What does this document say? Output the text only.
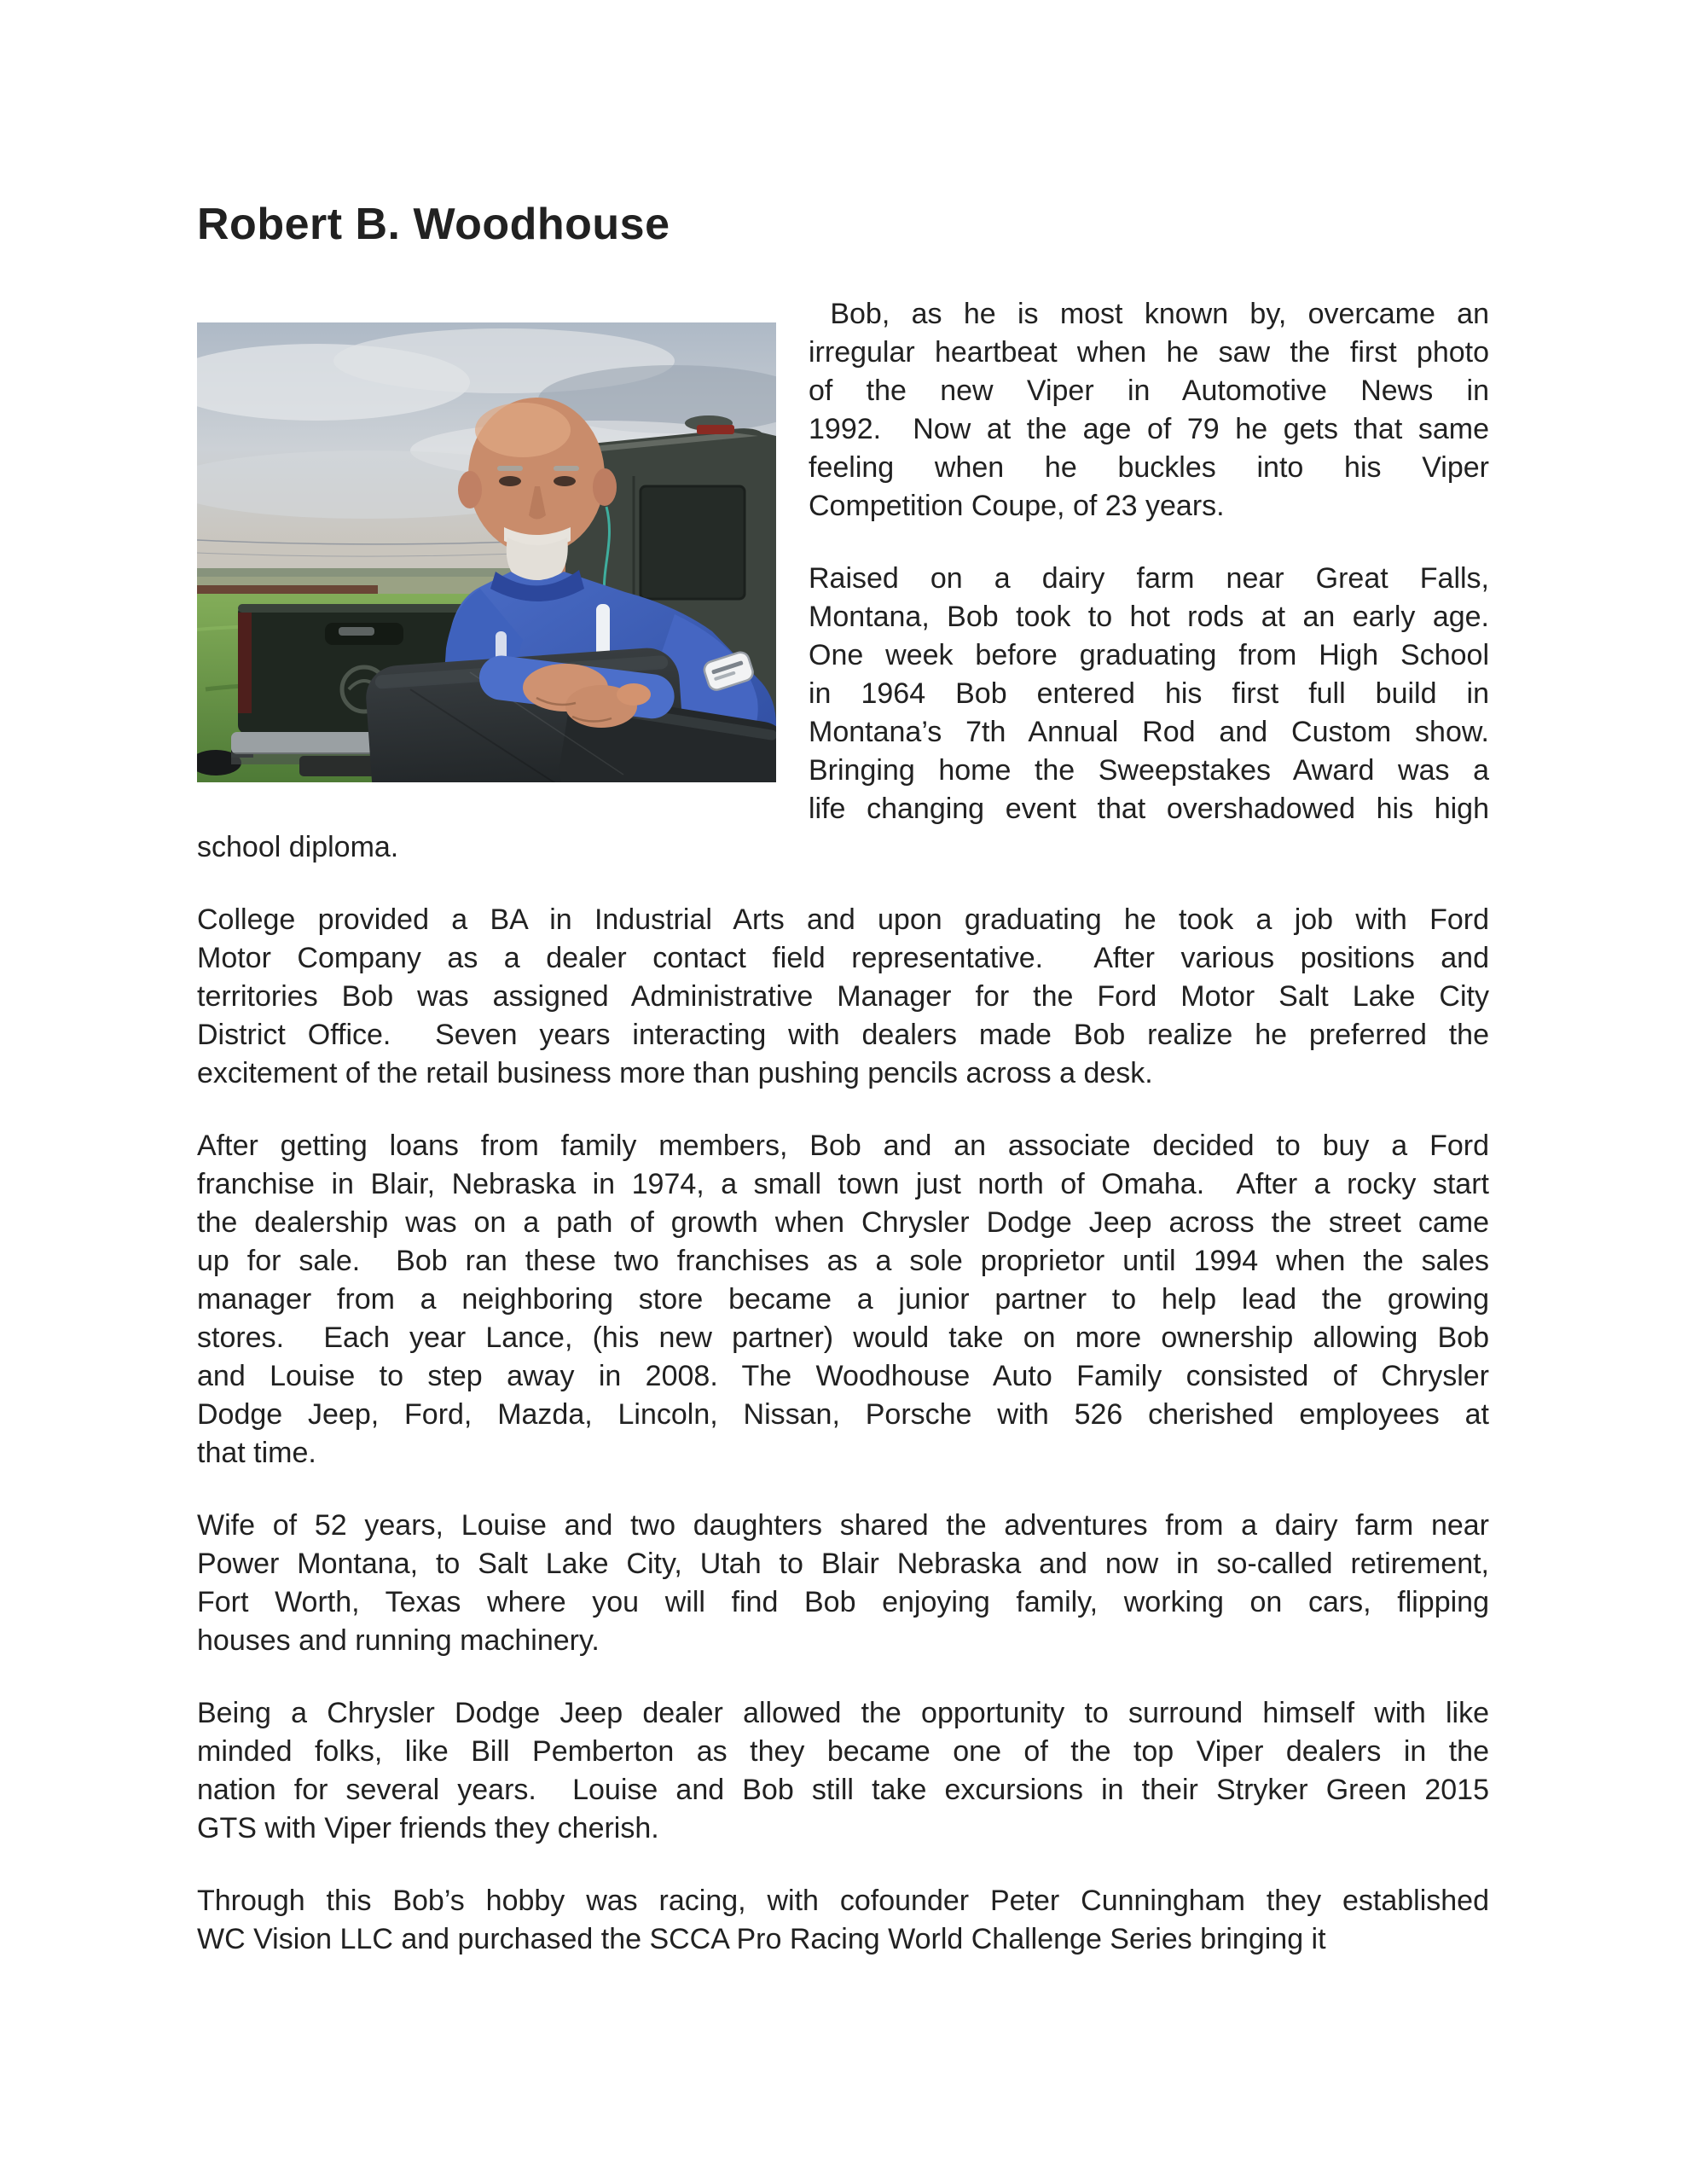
Robert B. Woodhouse
Bob, as he is most known by, overcame an
irregular heartbeat when he saw the first photo
of the new Viper in Automotive News in
1992.  Now at the age of 79 he gets that same
feeling when he buckles into his Viper
Competition Coupe, of 23 years.
Raised on a dairy farm near Great Falls,
Montana, Bob took to hot rods at an early age.
One week before graduating from High School
in 1964 Bob entered his first full build in
Montana’s 7th Annual Rod and Custom show.
Bringing home the Sweepstakes Award was a
life changing event that overshadowed his high
school diploma.
College provided a BA in Industrial Arts and upon graduating he took a job with Ford
Motor Company as a dealer contact field representative.  After various positions and
territories Bob was assigned Administrative Manager for the Ford Motor Salt Lake City
District Office.  Seven years interacting with dealers made Bob realize he preferred the
excitement of the retail business more than pushing pencils across a desk.
After getting loans from family members, Bob and an associate decided to buy a Ford
franchise in Blair, Nebraska in 1974, a small town just north of Omaha.  After a rocky start
the dealership was on a path of growth when Chrysler Dodge Jeep across the street came
up for sale.  Bob ran these two franchises as a sole proprietor until 1994 when the sales
manager from a neighboring store became a junior partner to help lead the growing
stores.  Each year Lance, (his new partner) would take on more ownership allowing Bob
and Louise to step away in 2008. The Woodhouse Auto Family consisted of Chrysler
Dodge Jeep, Ford, Mazda, Lincoln, Nissan, Porsche with 526 cherished employees at
that time.
Wife of 52 years, Louise and two daughters shared the adventures from a dairy farm near
Power Montana, to Salt Lake City, Utah to Blair Nebraska and now in so-called retirement,
Fort Worth, Texas where you will find Bob enjoying family, working on cars, flipping
houses and running machinery.
Being a Chrysler Dodge Jeep dealer allowed the opportunity to surround himself with like
minded folks, like Bill Pemberton as they became one of the top Viper dealers in the
nation for several years.  Louise and Bob still take excursions in their Stryker Green 2015
GTS with Viper friends they cherish.
Through this Bob’s hobby was racing, with cofounder Peter Cunningham they established
WC Vision LLC and purchased the SCCA Pro Racing World Challenge Series bringing it
